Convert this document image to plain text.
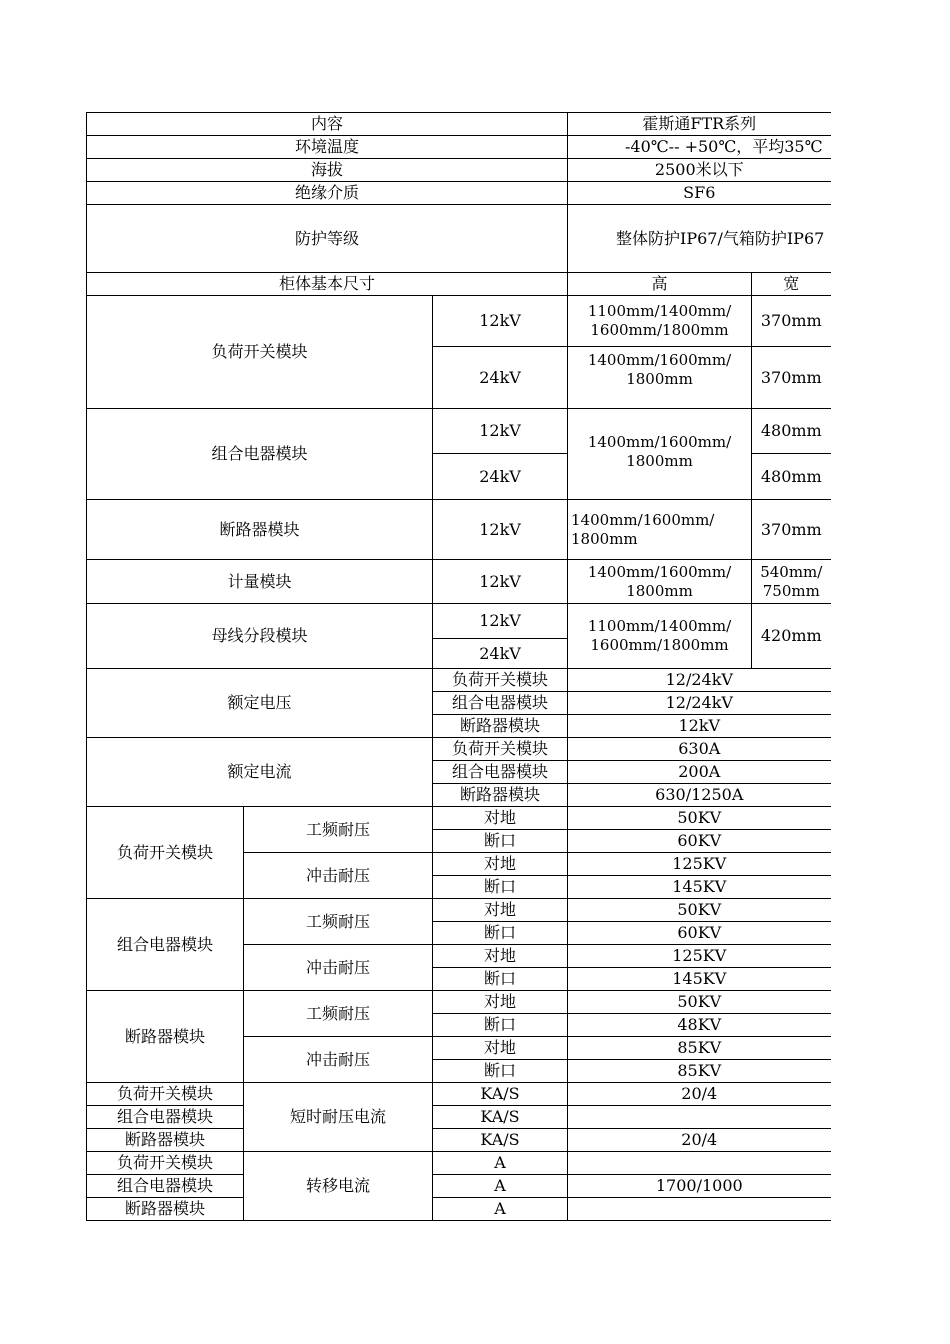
内容			霍斯通FTR系列	

环境温度			-40℃-- +50℃，平均35℃	

海拔			2500米以下	
绝缘介质			SF6	
防护等级			整体防护IP67/气箱防护IP67	

柜体基本尺寸			高	宽
负荷开关模块		12kV	1100mm/1400mm/ 1600mm/1800mm	370mm
		24kV	1400mm/1600mm/ 1800mm	370mm
组合电器模块		12kV	1400mm/1600mm/ 1800mm	480mm
		24kV		480mm
断路器模块		12kV	1400mm/1600mm/ 1800mm	370mm
计量模块		12kV	1400mm/1600mm/ 1800mm	540mm/ 750mm
母线分段模块		12kV	1100mm/1400mm/ 1600mm/1800mm	420mm
		24kV		
额定电压		负荷开关模块	12/24kV	
		组合电器模块	12/24kV	
		断路器模块	12kV	
额定电流		负荷开关模块	630A	
		组合电器模块	200A	
		断路器模块	630/1250A	
负荷开关模块	工频耐压	对地	50KV	
		断口	60KV	
	冲击耐压	对地	125KV	
		断口	145KV	
组合电器模块	工频耐压	对地	50KV	
		断口	60KV	
	冲击耐压	对地	125KV	
		断口	145KV	
断路器模块	工频耐压	对地	50KV	
		断口	48KV	
	冲击耐压	对地	85KV	
		断口	85KV	
负荷开关模块	短时耐压电流	KA/S	20/4	
组合电器模块		KA/S		
断路器模块		KA/S	20/4	
负荷开关模块	转移电流	A		
组合电器模块		A	1700/1000	
断路器模块		A		
